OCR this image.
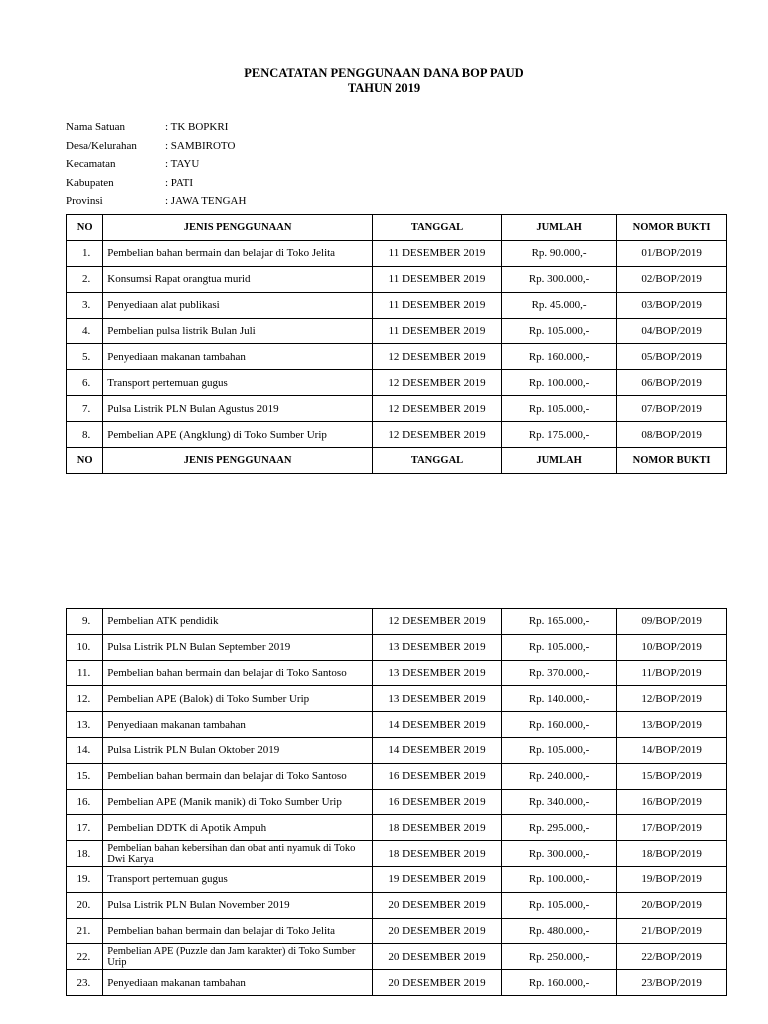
PENCATATAN PENGGUNAAN DANA BOP PAUD
TAHUN 2019
Nama Satuan	: TK BOPKRI
Desa/Kelurahan	: SAMBIROTO
Kecamatan	: TAYU
Kabupaten	: PATI
Provinsi	: JAWA TENGAH
NO	JENIS PENGGUNAAN	TANGGAL	JUMLAH	NOMOR BUKTI
1.	Pembelian bahan bermain dan belajar di Toko Jelita	11 DESEMBER 2019	Rp. 90.000,-	01/BOP/2019
2.	Konsumsi Rapat orangtua murid	11 DESEMBER 2019	Rp. 300.000,-	02/BOP/2019
3.	Penyediaan alat publikasi	11 DESEMBER 2019	Rp. 45.000,-	03/BOP/2019
4.	Pembelian pulsa listrik Bulan Juli	11 DESEMBER 2019	Rp. 105.000,-	04/BOP/2019
5.	Penyediaan makanan tambahan	12 DESEMBER 2019	Rp. 160.000,-	05/BOP/2019
6.	Transport pertemuan gugus	12 DESEMBER 2019	Rp. 100.000,-	06/BOP/2019
7.	Pulsa Listrik PLN Bulan Agustus 2019	12 DESEMBER 2019	Rp. 105.000,-	07/BOP/2019
8.	Pembelian APE (Angklung) di Toko Sumber Urip	12 DESEMBER 2019	Rp. 175.000,-	08/BOP/2019
NO	JENIS PENGGUNAAN	TANGGAL	JUMLAH	NOMOR BUKTI
9.	Pembelian ATK pendidik	12 DESEMBER 2019	Rp. 165.000,-	09/BOP/2019
10.	Pulsa Listrik PLN Bulan September 2019	13 DESEMBER 2019	Rp. 105.000,-	10/BOP/2019
11.	Pembelian bahan bermain dan belajar di Toko Santoso	13 DESEMBER 2019	Rp. 370.000,-	11/BOP/2019
12.	Pembelian APE (Balok) di Toko Sumber Urip	13 DESEMBER 2019	Rp. 140.000,-	12/BOP/2019
13.	Penyediaan makanan tambahan	14 DESEMBER 2019	Rp. 160.000,-	13/BOP/2019
14.	Pulsa Listrik PLN Bulan Oktober 2019	14 DESEMBER 2019	Rp. 105.000,-	14/BOP/2019
15.	Pembelian bahan bermain dan belajar di Toko Santoso	16 DESEMBER 2019	Rp. 240.000,-	15/BOP/2019
16.	Pembelian APE (Manik manik) di Toko Sumber Urip	16 DESEMBER 2019	Rp. 340.000,-	16/BOP/2019
17.	Pembelian DDTK di Apotik Ampuh	18 DESEMBER 2019	Rp. 295.000,-	17/BOP/2019
18.	Pembelian bahan kebersihan dan obat anti nyamuk di Toko Dwi Karya	18 DESEMBER 2019	Rp. 300.000,-	18/BOP/2019
19.	Transport pertemuan gugus	19 DESEMBER 2019	Rp. 100.000,-	19/BOP/2019
20.	Pulsa Listrik PLN Bulan November 2019	20 DESEMBER 2019	Rp. 105.000,-	20/BOP/2019
21.	Pembelian bahan bermain dan belajar di Toko Jelita	20 DESEMBER 2019	Rp. 480.000,-	21/BOP/2019
22.	Pembelian APE (Puzzle dan Jam karakter) di Toko Sumber Urip	20 DESEMBER 2019	Rp. 250.000,-	22/BOP/2019
23.	Penyediaan makanan tambahan	20 DESEMBER 2019	Rp. 160.000,-	23/BOP/2019
